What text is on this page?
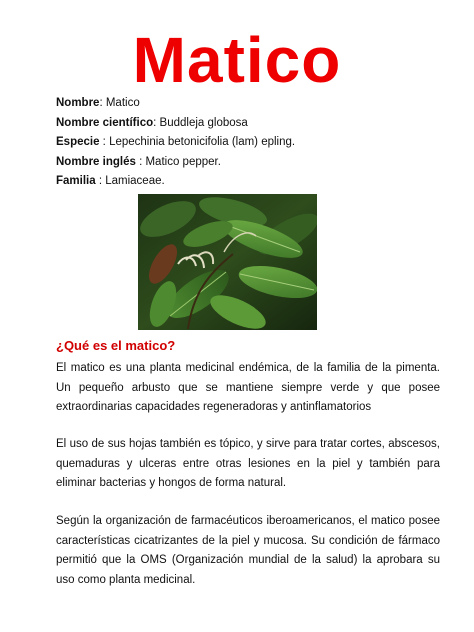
Matico
Nombre: Matico
Nombre científico: Buddleja globosa
Especie : Lepechinia betonicifolia (lam) epling.
Nombre inglés : Matico pepper.
Familia : Lamiaceae.
¿Qué es el matico?
El matico es una planta medicinal endémica, de la familia de la pimenta. Un pequeño arbusto que se mantiene siempre verde y que posee extraordinarias capacidades regeneradoras y antinflamatorios
El uso de sus hojas también es tópico, y sirve para tratar cortes, abscesos, quemaduras y ulceras entre otras lesiones en la piel y también para eliminar bacterias y hongos de forma natural.
Según la organización de farmacéuticos iberoamericanos, el matico posee características cicatrizantes de la piel y mucosa. Su condición de fármaco permitió que la OMS (Organización mundial de la salud) la aprobara su uso como planta medicinal.
